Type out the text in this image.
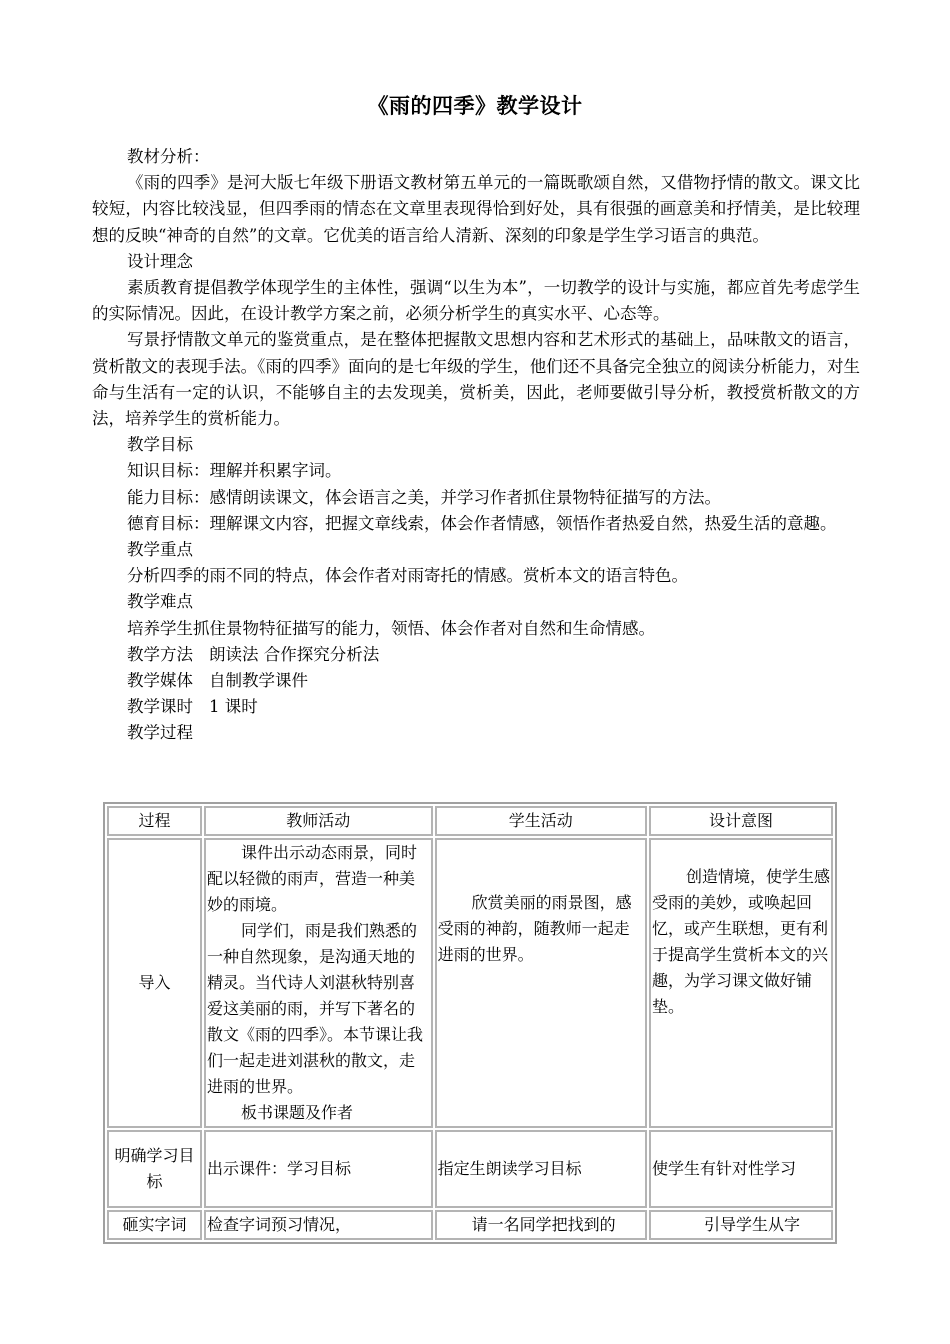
《雨的四季》教学设计

教材分析：

《雨的四季》是河大版七年级下册语文教材第五单元的一篇既歌颂自然，又借物抒情的散文。课文比较短，内容比较浅显，但四季雨的情态在文章里表现得恰到好处，具有很强的画意美和抒情美，是比较理想的反映“神奇的自然”的文章。它优美的语言给人清新、深刻的印象是学生学习语言的典范。

设计理念

素质教育提倡教学体现学生的主体性，强调“以生为本”，一切教学的设计与实施，都应首先考虑学生的实际情况。因此，在设计教学方案之前，必须分析学生的真实水平、心态等。

写景抒情散文单元的鉴赏重点，是在整体把握散文思想内容和艺术形式的基础上，品味散文的语言，赏析散文的表现手法。《雨的四季》面向的是七年级的学生，他们还不具备完全独立的阅读分析能力，对生命与生活有一定的认识，不能够自主的去发现美，赏析美，因此，老师要做引导分析，教授赏析散文的方法，培养学生的赏析能力。

教学目标

知识目标：理解并积累字词。

能力目标：感情朗读课文，体会语言之美，并学习作者抓住景物特征描写的方法。

德育目标：理解课文内容，把握文章线索，体会作者情感，领悟作者热爱自然，热爱生活的意趣。

教学重点

分析四季的雨不同的特点，体会作者对雨寄托的情感。赏析本文的语言特色。

教学难点

培养学生抓住景物特征描写的能力，领悟、体会作者对自然和生命情感。

教学方法 朗读法 合作探究分析法

教学媒体 自制教学课件

教学课时 1 课时

教学过程

过程	教师活动	学生活动	设计意图
导入	课件出示动态雨景，同时配以轻微的雨声，营造一种美妙的雨境。
同学们，雨是我们熟悉的一种自然现象，是沟通天地的精灵。当代诗人刘湛秋特别喜爱这美丽的雨，并写下著名的散文《雨的四季》。本节课让我们一起走进刘湛秋的散文，走进雨的世界。
板书课题及作者	欣赏美丽的雨景图，感受雨的神韵，随教师一起走进雨的世界。	创造情境，使学生感受雨的美妙，或唤起回忆，或产生联想，更有利于提高学生赏析本文的兴趣，为学习课文做好铺垫。

明确学习目标	出示课件：学习目标	指定生朗读学习目标	使学生有针对性学习
砸实字词	检查字词预习情况，	请一名同学把找到的	引导学生从字
